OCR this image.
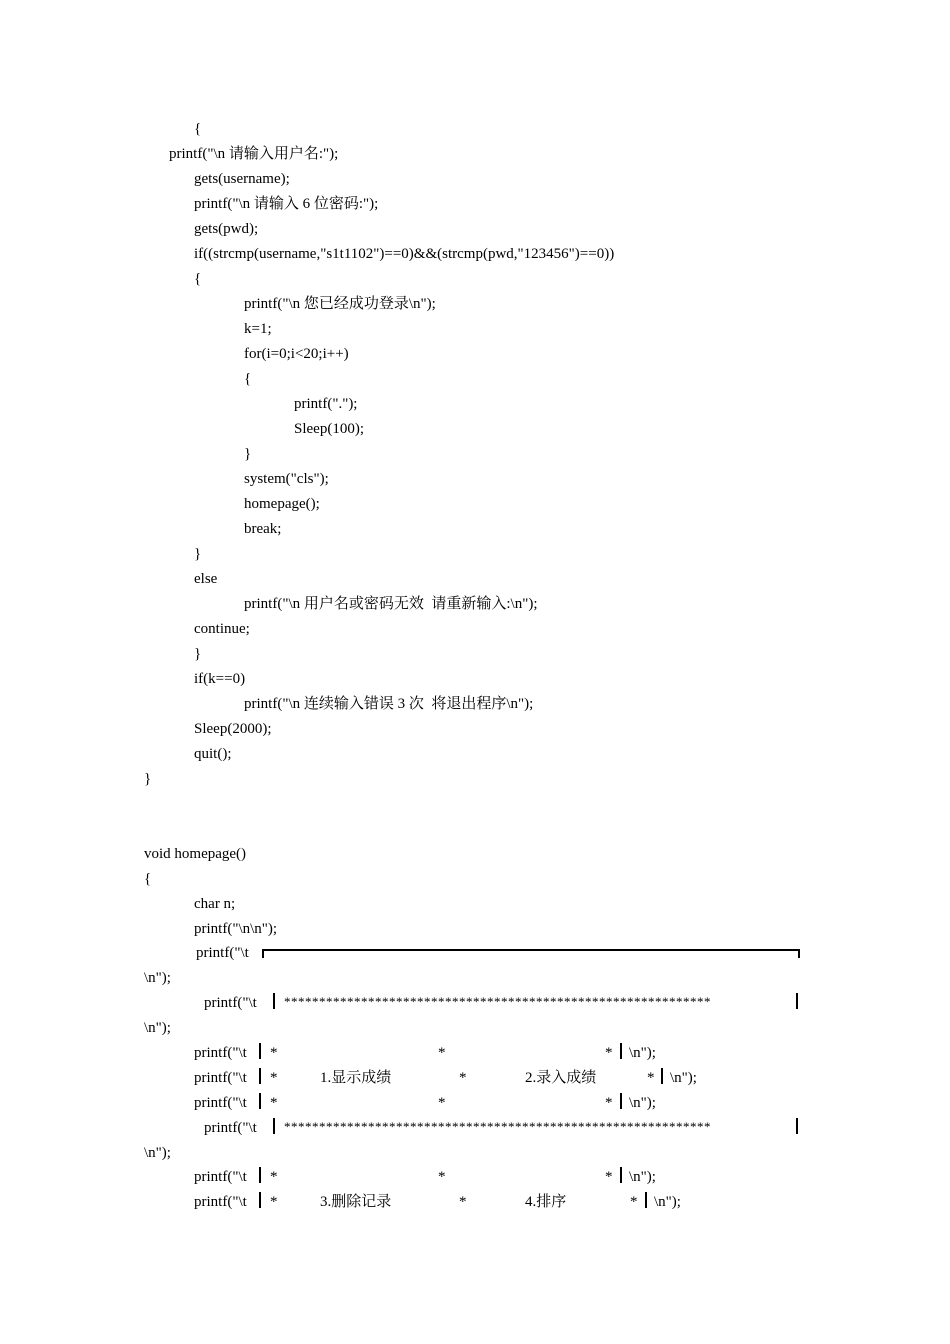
{
printf("\n 请输入用户名:");
gets(username);
printf("\n 请输入 6 位密码:");
gets(pwd);
if((strcmp(username,"s1t1102")==0)&&(strcmp(pwd,"123456")==0))
{
printf("\n 您已经成功登录\n");
k=1;
for(i=0;i<20;i++)
{
printf(".");
Sleep(100);
}
system("cls");
homepage();
break;
}
else
printf("\n 用户名或密码无效  请重新输入:\n");
continue;
}
if(k==0)
printf("\n 连续输入错误 3 次  将退出程序\n");
Sleep(2000);
quit();
}
void homepage()
{
char n;
printf("\n\n");
printf("\t
\n");
printf("\t *************************************************************
\n");
printf("\t *	*	* \n");
printf("\t *	1.显示成绩	*	2.录入成绩	* \n");
printf("\t *	*	* \n");
printf("\t *************************************************************
\n");
printf("\t *	*	* \n");
printf("\t *	3.删除记录	*	4.排序	* \n");
